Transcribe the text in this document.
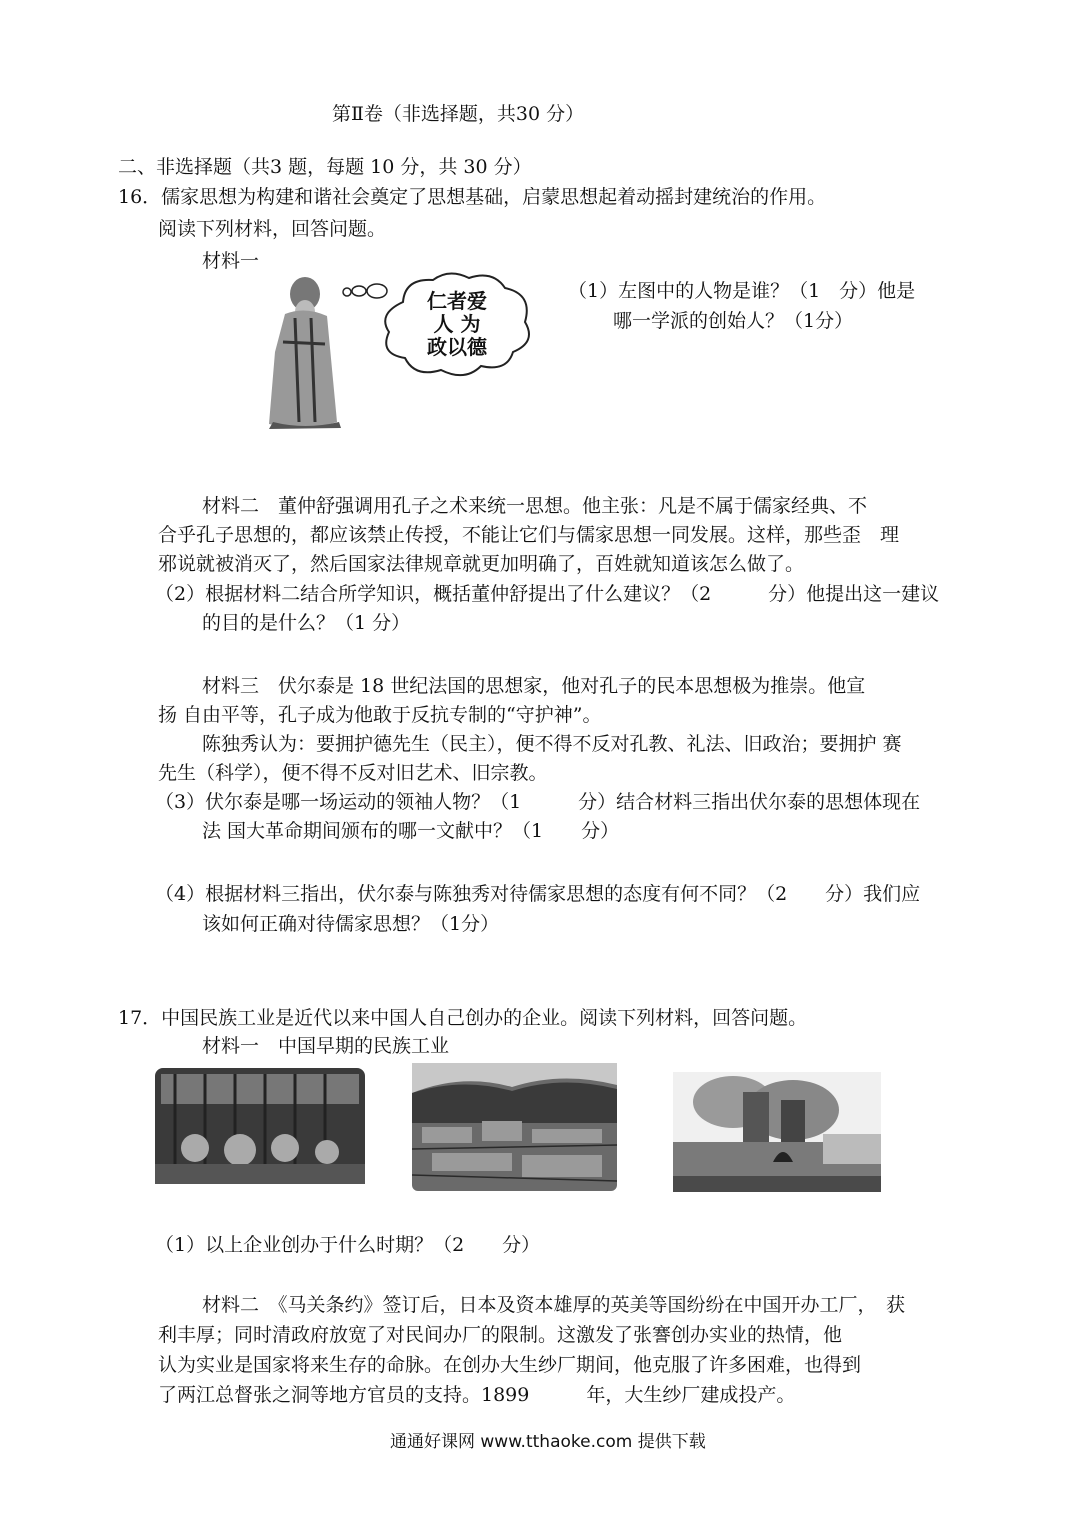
第Ⅱ卷（非选择题，共30 分）
二、非选择题（共3 题，每题 10 分，共 30 分）
16．儒家思想为构建和谐社会奠定了思想基础，启蒙思想起着动摇封建统治的作用。
阅读下列材料，回答问题。
材料一
仁者爱
人 为
政以德
（1）左图中的人物是谁？（1　分）他是
哪一学派的创始人？（1分）
材料二　董仲舒强调用孔子之术来统一思想。他主张：凡是不属于儒家经典、不
合乎孔子思想的，都应该禁止传授，不能让它们与儒家思想一同发展。这样，那些歪　理
邪说就被消灭了，然后国家法律规章就更加明确了，百姓就知道该怎么做了。
（2）根据材料二结合所学知识，概括董仲舒提出了什么建议？（2　　　分）他提出这一建议
的目的是什么？（1 分）
材料三　伏尔泰是 18 世纪法国的思想家，他对孔子的民本思想极为推崇。他宣
扬 自由平等，孔子成为他敢于反抗专制的“守护神”。
陈独秀认为：要拥护德先生（民主），便不得不反对孔教、礼法、旧政治；要拥护 赛
先生（科学），便不得不反对旧艺术、旧宗教。
（3）伏尔泰是哪一场运动的领袖人物？（1　　　分）结合材料三指出伏尔泰的思想体现在
法 国大革命期间颁布的哪一文献中？（1　　分）
（4）根据材料三指出，伏尔泰与陈独秀对待儒家思想的态度有何不同？（2　　分）我们应
该如何正确对待儒家思想？（1分）
17．中国民族工业是近代以来中国人自己创办的企业。阅读下列材料，回答问题。
材料一　中国早期的民族工业
（1）以上企业创办于什么时期？（2　　分）
材料二　《马关条约》签订后，日本及资本雄厚的英美等国纷纷在中国开办工厂，　获
利丰厚；同时清政府放宽了对民间办厂的限制。这激发了张謇创办实业的热情，他
认为实业是国家将来生存的命脉。在创办大生纱厂期间，他克服了许多困难，也得到
了两江总督张之洞等地方官员的支持。1899　　　年，大生纱厂建成投产。
通通好课网 www.tthaoke.com 提供下载
